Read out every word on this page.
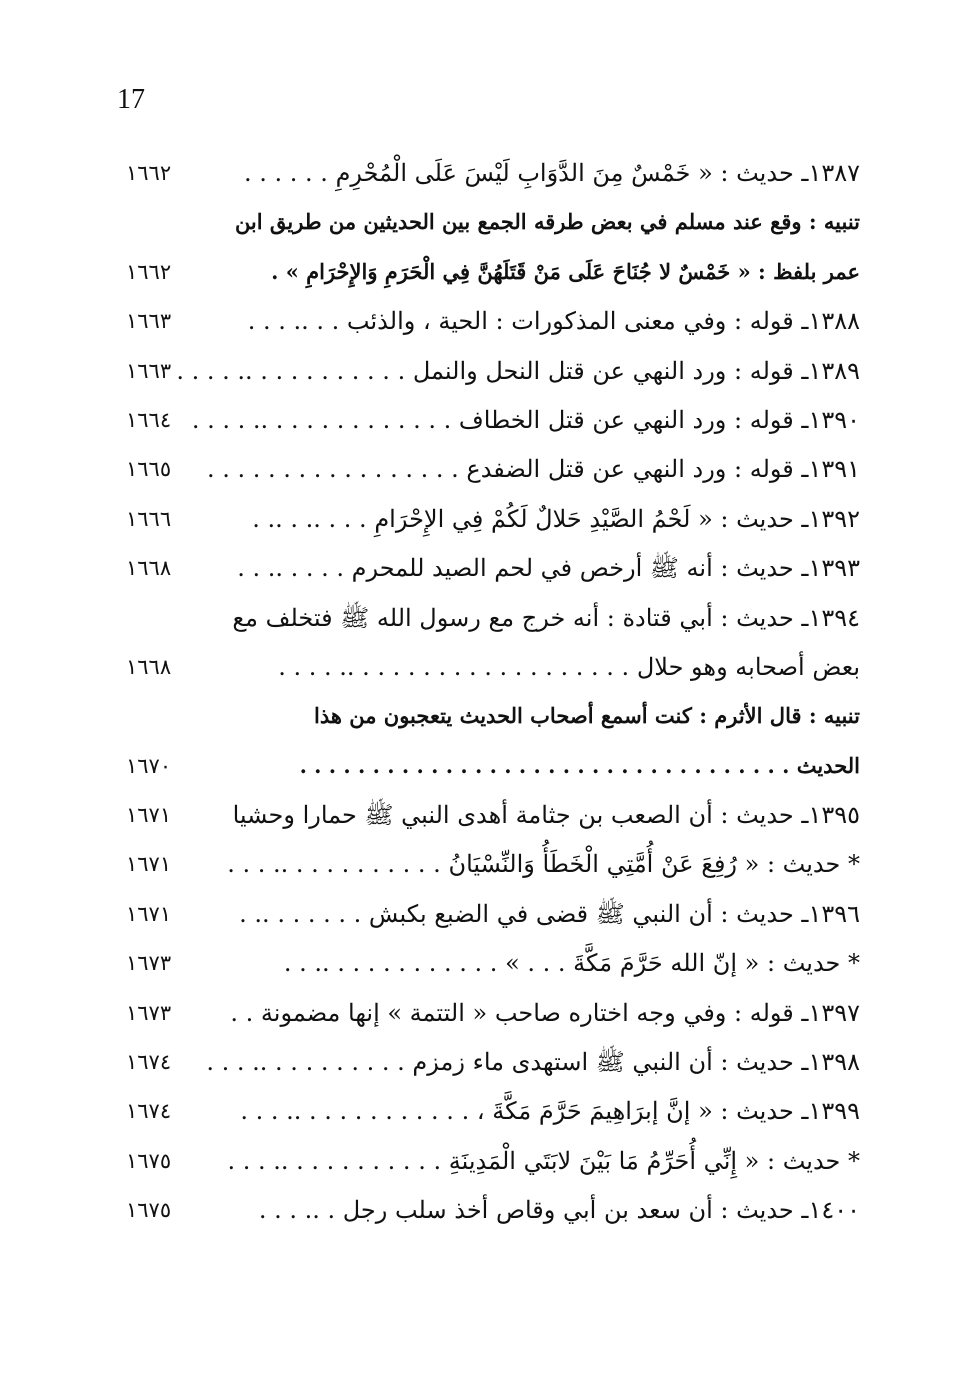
17
١٣٨٧ـ حديث : « خَمْسٌ مِنَ الدَّوَابِ لَيْسَ عَلَى الْمُحْرِمِ . . . . . .
١٦٦٢
تنبيه : وقع عند مسلم في بعض طرقه الجمع بين الحديثين من طريق ابن
عمر بلفظ : « خَمْسٌ لا جُنَاحَ عَلَى مَنْ قَتَلَهُنَّ فِي الْحَرَمِ وَالإِحْرَامِ » .
١٦٦٢
١٣٨٨ـ قوله : وفي معنى المذكورات : الحية ، والذئب . . .. . . .
١٦٦٣
١٣٨٩ـ قوله : ورد النهي عن قتل النحل والنمل . . . . . . . . . . .. . . . .
١٦٦٣
١٣٩٠ـ قوله : ورد النهي عن قتل الخطاف . . . . . . . . . . . . .. . . . .
١٦٦٤
١٣٩١ـ قوله : ورد النهي عن قتل الضفدع . . . . . . . . . . . . . . . . .
١٦٦٥
١٣٩٢ـ حديث : « لَحْمُ الصَّيْدِ حَلالٌ لَكُمْ فِي الإِحْرَامِ . . . .. . .. .
١٦٦٦
١٣٩٣ـ حديث : أنه ﷺ أرخص في لحم الصيد للمحرم . . . . .. . .
١٦٦٨
١٣٩٤ـ حديث : أبي قتادة : أنه خرج مع رسول الله ﷺ فتخلف مع
بعض أصحابه وهو حلال . . . . . . . . . . . . . . . . . . .. . . . .
١٦٦٨
تنبيه : قال الأثرم : كنت أسمع أصحاب الحديث يتعجبون من هذا
الحديث . . . . . . . . . . . . . . . . . . . . . . . . . . . . . . . . . .
١٦٧٠
١٣٩٥ـ حديث : أن الصعب بن جثامة أهدى النبي ﷺ حمارا وحشيا
١٦٧١
* حديث : « رُفِعَ عَنْ أُمَّتِي الْخَطَأُ وَالنِّسْيَانُ . . . . . . . . . . .. . . .
١٦٧١
١٣٩٦ـ حديث : أن النبي ﷺ قضى في الضبع بكبش . . . . . . .. .
١٦٧١
* حديث : « إنّ الله حَرَّمَ مَكَّةَ . . . » . . . . . . . . . . . .. . .
١٦٧٣
١٣٩٧ـ قوله : وفي وجه اختاره صاحب « التتمة » إنها مضمونة . .
١٦٧٣
١٣٩٨ـ حديث : أن النبي ﷺ استهدى ماء زمزم . . . . . . . . . .. . . .
١٦٧٤
١٣٩٩ـ حديث : « إنَّ إبرَاهِيمَ حَرَّمَ مَكَّةَ ، . . . . . . . . . . . .. . . .
١٦٧٤
* حديث : « إِنِّي أُحَرِّمُ مَا بَيْنَ لابَتَي الْمَدِينَةِ . . . . . . . . . . .. . . .
١٦٧٥
١٤٠٠ـ حديث : أن سعد بن أبي وقاص أخذ سلب رجل . .. . . .
١٦٧٥
